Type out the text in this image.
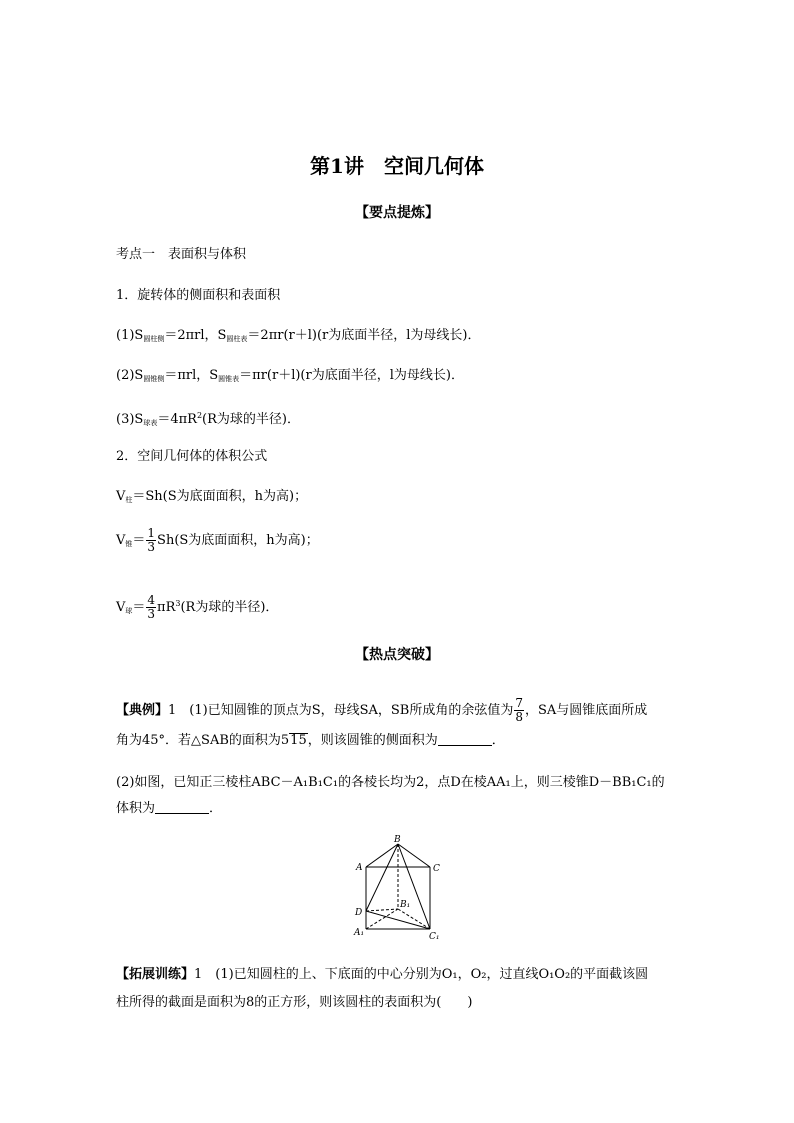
第1讲　空间几何体
【要点提炼】
考点一　表面积与体积
1．旋转体的侧面积和表面积
$(1)S_{圆柱侧}=2\pi rl$，$S_{圆柱表}=2\pi r(r+l)(r$为底面半径，l为母线长)．
$(2)S_{圆锥侧}=\pi rl$，$S_{圆锥表}=\pi r(r+l)(r$为底面半径，l为母线长)．
$(3)S_{球表}=4\pi R^2(R$为球的半径)．
2．空间几何体的体积公式
$V_柱=Sh(S$为底面面积，h为高)；
$V_锥= \frac{1}{3} Sh(S$为底面面积，h为高)；
$V_球= \frac{4}{3} \pi R^3(R$为球的半径)．
【热点突破】
【典例】1　(1)已知圆锥的顶点为S，母线SA，SB所成角的余弦值为 $\frac{7}{8}$ ，SA与圆锥底面所成
角为45°．若△SAB的面积为515，则该圆锥的侧面积为	．
(2)如图，已知正三棱柱ABC－A₁B₁C₁的各棱长均为2，点D在棱AA₁上，则三棱锥D－BB₁C₁的
体积为	．
B
A	C
D
B₁
A₁	C₁
【拓展训练】1　(1)已知圆柱的上、下底面的中心分别为O₁，O₂，过直线O₁O₂的平面截该圆
柱所得的截面是面积为8的正方形，则该圆柱的表面积为(　　)
